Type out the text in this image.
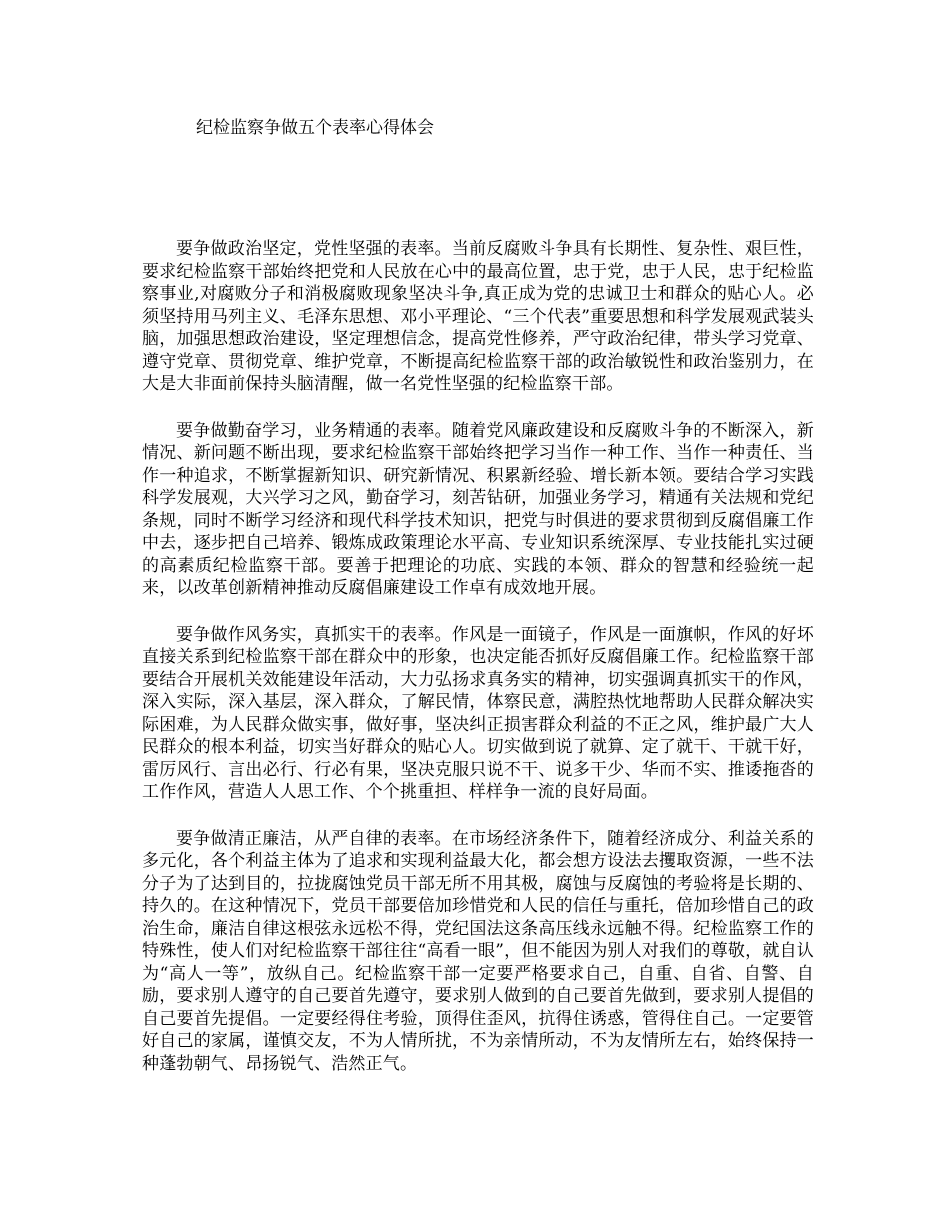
纪检监察争做五个表率心得体会

要争做政治坚定，党性坚强的表率。当前反腐败斗争具有长期性、复杂性、艰巨性，要求纪检监察干部始终把党和人民放在心中的最高位置，忠于党，忠于人民，忠于纪检监察事业,对腐败分子和消极腐败现象坚决斗争,真正成为党的忠诚卫士和群众的贴心人。必须坚持用马列主义、毛泽东思想、邓小平理论、“三个代表”重要思想和科学发展观武装头脑，加强思想政治建设，坚定理想信念，提高党性修养，严守政治纪律，带头学习党章、遵守党章、贯彻党章、维护党章，不断提高纪检监察干部的政治敏锐性和政治鉴别力，在大是大非面前保持头脑清醒，做一名党性坚强的纪检监察干部。

要争做勤奋学习，业务精通的表率。随着党风廉政建设和反腐败斗争的不断深入，新情况、新问题不断出现，要求纪检监察干部始终把学习当作一种工作、当作一种责任、当作一种追求，不断掌握新知识、研究新情况、积累新经验、增长新本领。要结合学习实践科学发展观，大兴学习之风，勤奋学习，刻苦钻研，加强业务学习，精通有关法规和党纪条规，同时不断学习经济和现代科学技术知识，把党与时俱进的要求贯彻到反腐倡廉工作中去，逐步把自己培养、锻炼成政策理论水平高、专业知识系统深厚、专业技能扎实过硬的高素质纪检监察干部。要善于把理论的功底、实践的本领、群众的智慧和经验统一起来，以改革创新精神推动反腐倡廉建设工作卓有成效地开展。

要争做作风务实，真抓实干的表率。作风是一面镜子，作风是一面旗帜，作风的好坏直接关系到纪检监察干部在群众中的形象，也决定能否抓好反腐倡廉工作。纪检监察干部要结合开展机关效能建设年活动，大力弘扬求真务实的精神，切实强调真抓实干的作风，深入实际，深入基层，深入群众，了解民情，体察民意，满腔热忱地帮助人民群众解决实际困难，为人民群众做实事，做好事，坚决纠正损害群众利益的不正之风，维护最广大人民群众的根本利益，切实当好群众的贴心人。切实做到说了就算、定了就干、干就干好，雷厉风行、言出必行、行必有果，坚决克服只说不干、说多干少、华而不实、推诿拖沓的工作作风，营造人人思工作、个个挑重担、样样争一流的良好局面。

要争做清正廉洁，从严自律的表率。在市场经济条件下，随着经济成分、利益关系的多元化，各个利益主体为了追求和实现利益最大化，都会想方设法去攫取资源，一些不法分子为了达到目的，拉拢腐蚀党员干部无所不用其极，腐蚀与反腐蚀的考验将是长期的、持久的。在这种情况下，党员干部要倍加珍惜党和人民的信任与重托，倍加珍惜自己的政治生命，廉洁自律这根弦永远松不得，党纪国法这条高压线永远触不得。纪检监察工作的特殊性，使人们对纪检监察干部往往“高看一眼”，但不能因为别人对我们的尊敬，就自认为“高人一等”，放纵自己。纪检监察干部一定要严格要求自己，自重、自省、自警、自励，要求别人遵守的自己要首先遵守，要求别人做到的自己要首先做到，要求别人提倡的自己要首先提倡。一定要经得住考验，顶得住歪风，抗得住诱惑，管得住自己。一定要管好自己的家属，谨慎交友，不为人情所扰，不为亲情所动，不为友情所左右，始终保持一种蓬勃朝气、昂扬锐气、浩然正气。
